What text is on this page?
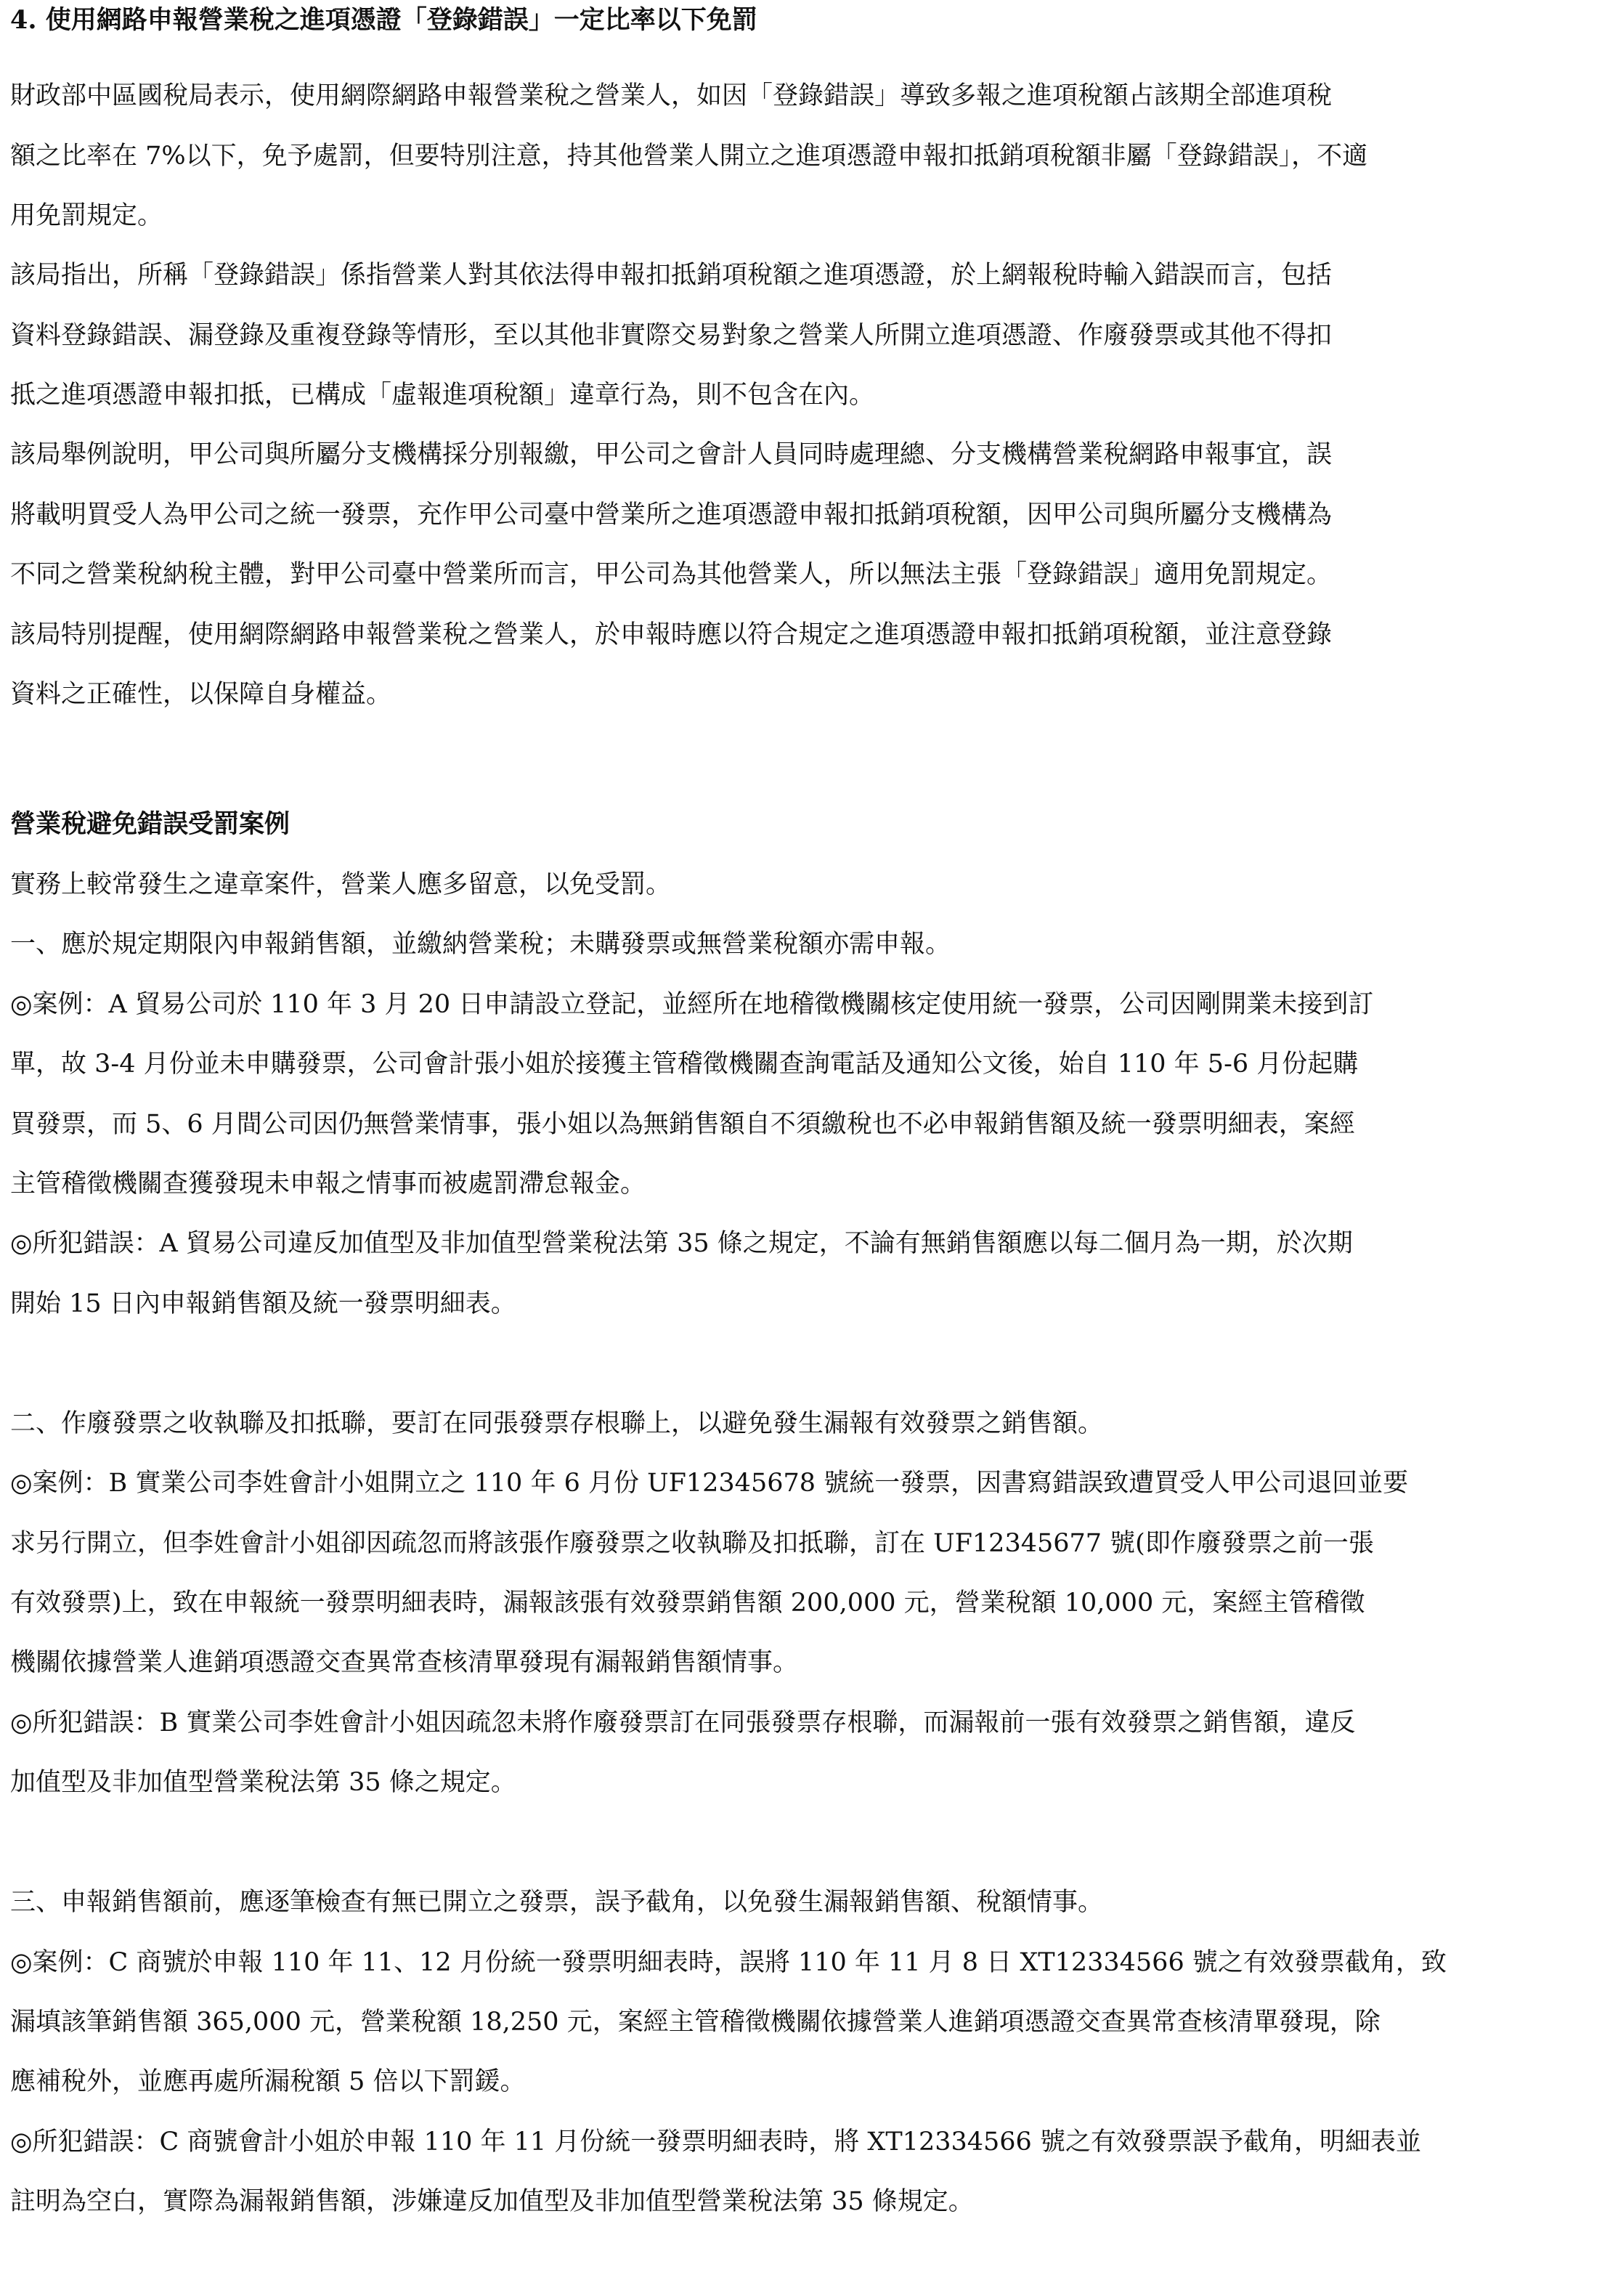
4. 使用網路申報營業稅之進項憑證「登錄錯誤」一定比率以下免罰
財政部中區國稅局表示，使用網際網路申報營業稅之營業人，如因「登錄錯誤」導致多報之進項稅額占該期全部進項稅
額之比率在 7%以下，免予處罰，但要特別注意，持其他營業人開立之進項憑證申報扣抵銷項稅額非屬「登錄錯誤」，不適
用免罰規定。
該局指出，所稱「登錄錯誤」係指營業人對其依法得申報扣抵銷項稅額之進項憑證，於上網報稅時輸入錯誤而言，包括
資料登錄錯誤、漏登錄及重複登錄等情形，至以其他非實際交易對象之營業人所開立進項憑證、作廢發票或其他不得扣
抵之進項憑證申報扣抵，已構成「虛報進項稅額」違章行為，則不包含在內。
該局舉例說明，甲公司與所屬分支機構採分別報繳，甲公司之會計人員同時處理總、分支機構營業稅網路申報事宜，誤
將載明買受人為甲公司之統一發票，充作甲公司臺中營業所之進項憑證申報扣抵銷項稅額，因甲公司與所屬分支機構為
不同之營業稅納稅主體，對甲公司臺中營業所而言，甲公司為其他營業人，所以無法主張「登錄錯誤」適用免罰規定。
該局特別提醒，使用網際網路申報營業稅之營業人，於申報時應以符合規定之進項憑證申報扣抵銷項稅額，並注意登錄
資料之正確性，以保障自身權益。
營業稅避免錯誤受罰案例
實務上較常發生之違章案件，營業人應多留意，以免受罰。
一、應於規定期限內申報銷售額，並繳納營業稅；未購發票或無營業稅額亦需申報。
◎案例：A 貿易公司於 110 年 3 月 20 日申請設立登記，並經所在地稽徵機關核定使用統一發票，公司因剛開業未接到訂
單，故 3-4 月份並未申購發票，公司會計張小姐於接獲主管稽徵機關查詢電話及通知公文後，始自 110 年 5-6 月份起購
買發票，而 5、6 月間公司因仍無營業情事，張小姐以為無銷售額自不須繳稅也不必申報銷售額及統一發票明細表，案經
主管稽徵機關查獲發現未申報之情事而被處罰滯怠報金。
◎所犯錯誤：A 貿易公司違反加值型及非加值型營業稅法第 35 條之規定，不論有無銷售額應以每二個月為一期，於次期
開始 15 日內申報銷售額及統一發票明細表。
二、作廢發票之收執聯及扣抵聯，要訂在同張發票存根聯上，以避免發生漏報有效發票之銷售額。
◎案例：B 實業公司李姓會計小姐開立之 110 年 6 月份 UF12345678 號統一發票，因書寫錯誤致遭買受人甲公司退回並要
求另行開立，但李姓會計小姐卻因疏忽而將該張作廢發票之收執聯及扣抵聯，訂在 UF12345677 號(即作廢發票之前一張
有效發票)上，致在申報統一發票明細表時，漏報該張有效發票銷售額 200,000 元，營業稅額 10,000 元，案經主管稽徵
機關依據營業人進銷項憑證交查異常查核清單發現有漏報銷售額情事。
◎所犯錯誤：B 實業公司李姓會計小姐因疏忽未將作廢發票訂在同張發票存根聯，而漏報前一張有效發票之銷售額，違反
加值型及非加值型營業稅法第 35 條之規定。
三、申報銷售額前，應逐筆檢查有無已開立之發票，誤予截角，以免發生漏報銷售額、稅額情事。
◎案例：C 商號於申報 110 年 11、12 月份統一發票明細表時，誤將 110 年 11 月 8 日 XT12334566 號之有效發票截角，致
漏填該筆銷售額 365,000 元，營業稅額 18,250 元，案經主管稽徵機關依據營業人進銷項憑證交查異常查核清單發現，除
應補稅外，並應再處所漏稅額 5 倍以下罰鍰。
◎所犯錯誤：C 商號會計小姐於申報 110 年 11 月份統一發票明細表時，將 XT12334566 號之有效發票誤予截角，明細表並
註明為空白，實際為漏報銷售額，涉嫌違反加值型及非加值型營業稅法第 35 條規定。
